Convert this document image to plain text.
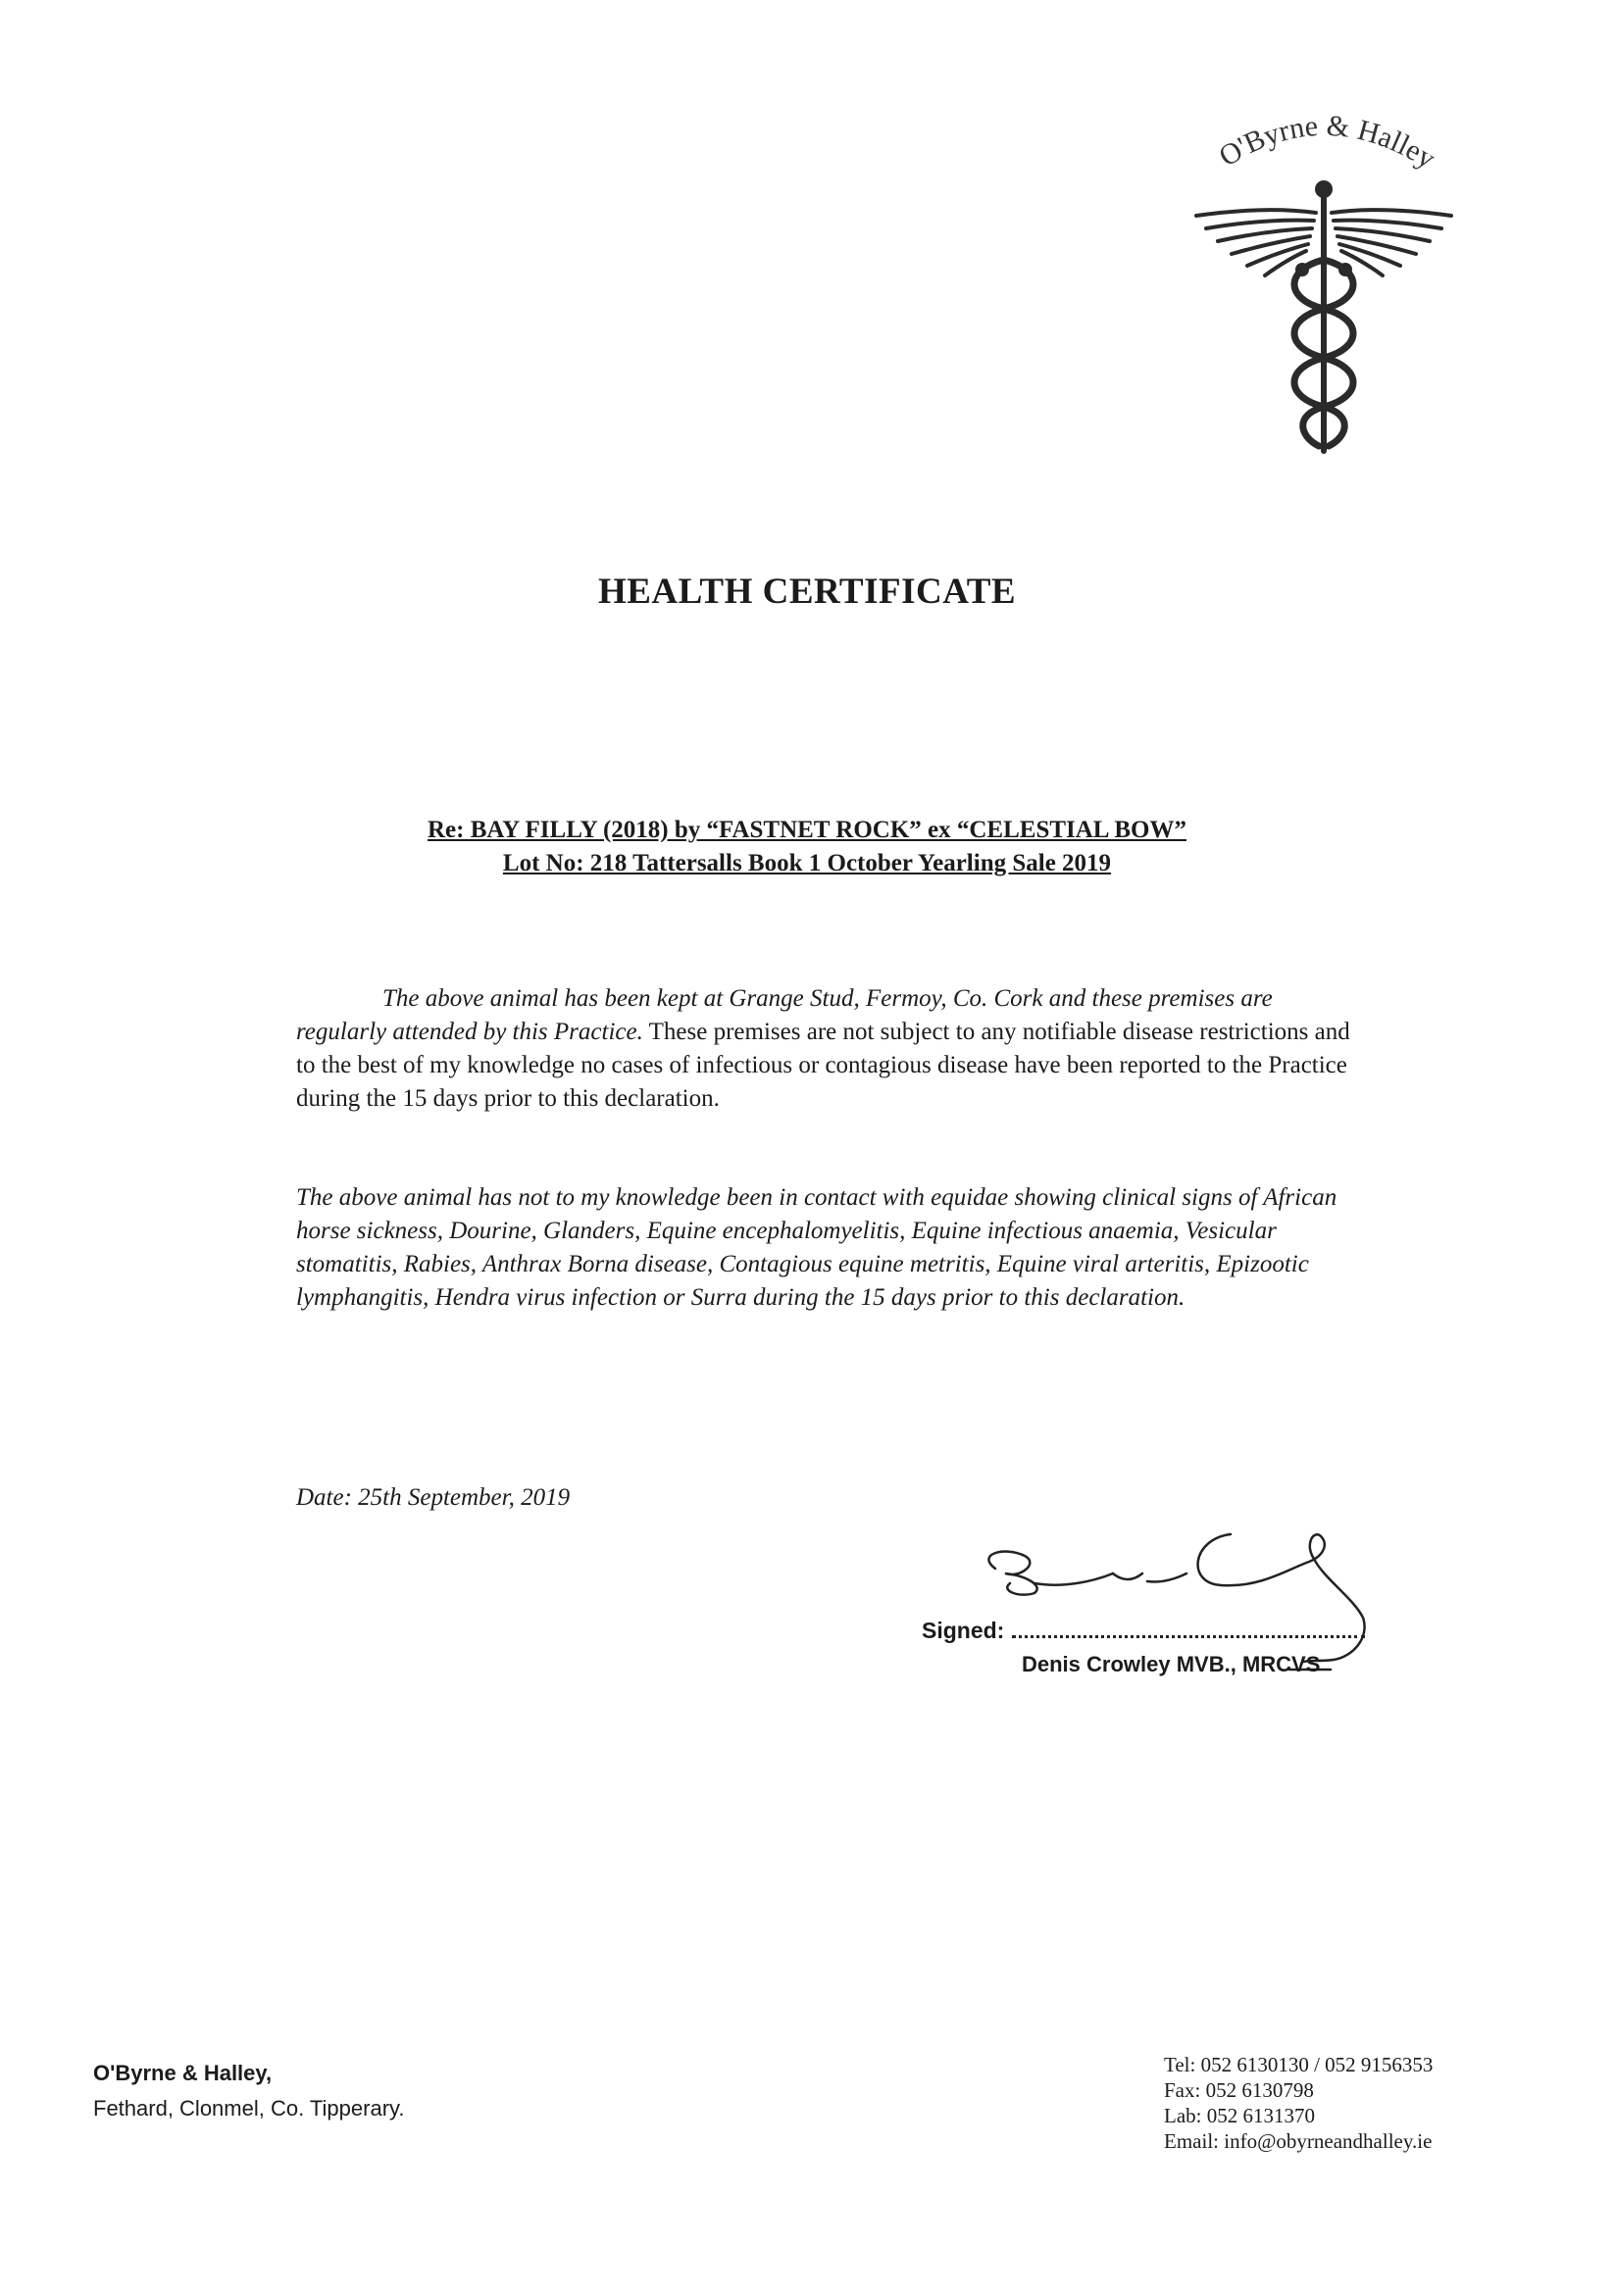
O'Byrne & Halley
HEALTH CERTIFICATE
Re: BAY FILLY (2018) by “FASTNET ROCK” ex “CELESTIAL BOW”
Lot No: 218 Tattersalls Book 1 October Yearling Sale 2019
The above animal has been kept at Grange Stud, Fermoy, Co. Cork and these premises are regularly attended by this Practice. These premises are not subject to any notifiable disease restrictions and to the best of my knowledge no cases of infectious or contagious disease have been reported to the Practice during the 15 days prior to this declaration.
The above animal has not to my knowledge been in contact with equidae showing clinical signs of African horse sickness, Dourine, Glanders, Equine encephalomyelitis, Equine infectious anaemia, Vesicular stomatitis, Rabies, Anthrax Borna disease, Contagious equine metritis, Equine viral arteritis, Epizootic lymphangitis, Hendra virus infection or Surra during the 15 days prior to this declaration.
Date: 25th September, 2019
Signed:
Denis Crowley MVB., MRCVS
O'Byrne & Halley,
Fethard, Clonmel, Co. Tipperary.
Tel: 052 6130130 / 052 9156353
Fax: 052 6130798
Lab: 052 6131370
Email: info@obyrneandhalley.ie
